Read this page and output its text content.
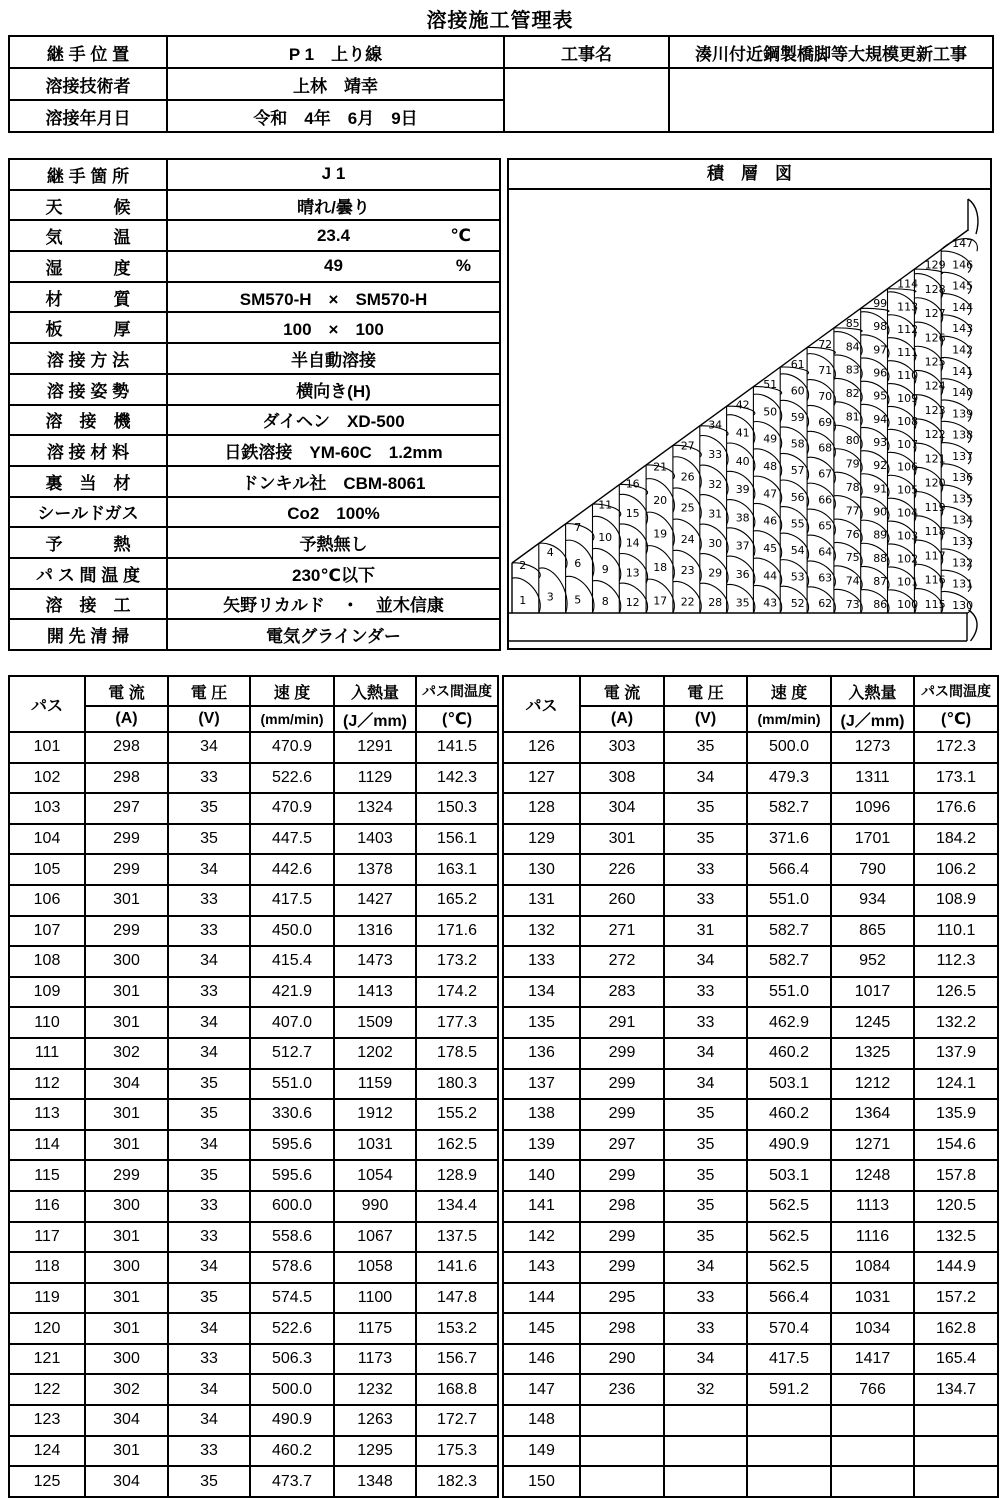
溶接施工管理表
継 手 位 置	P 1　上り線	工事名	湊川付近鋼製橋脚等大規模更新工事
溶接技術者	上林　靖幸		
溶接年月日	令和　4年　6月　9日		
継 手 箇 所	J 1
天　　　候	晴れ/曇り
気　　　温	23.4 ℃

湿　　　度	49 %

材　　　質	SM570-H　×　SM570-H
板　　　厚	100　×　100
溶 接 方 法	半自動溶接
溶 接 姿 勢	横向き(H)
溶　接　機	ダイヘン　XD-500
溶 接 材 料	日鉄溶接　YM-60C　1.2mm
裏　当　材	ドンキル社　CBM-8061
シールドガス	Co2　100%
予　　　熱	予熱無し
パ ス 間 温 度	230℃以下
溶　接　工	矢野リカルド　・　並木信康
開 先 清 掃	電気グラインダー
積　層　図
1
2
3
4
5
6
7
8
9
10
11
12
13
14
15
16
17
18
19
20
21
22
23
24
25
26
27
28
29
30
31
32
33
34
35
36
37
38
39
40
41
42
43
44
45
46
47
48
49
50
51
52
53
54
55
56
57
58
59
60
61
62
63
64
65
66
67
68
69
70
71
72
73
74
75
76
77
78
79
80
81
82
83
84
85
86
87
88
89
90
91
92
93
94
95
96
97
98
99
100
101
102
103
104
105
106
107
108
109
110
111
112
113
114
115
116
117
118
119
120
121
122
123
124
125
126
127
128
129
130
131
132
133
134
135
136
137
138
139
140
141
142
143
144
145
146
147
パス	電 流	電 圧	速 度	入熱量	パス間温度
	(A)	(V)	(mm/min)	(J／mm)	(℃)
101	298	34	470.9	1291	141.5
102	298	33	522.6	1129	142.3
103	297	35	470.9	1324	150.3
104	299	35	447.5	1403	156.1
105	299	34	442.6	1378	163.1
106	301	33	417.5	1427	165.2
107	299	33	450.0	1316	171.6
108	300	34	415.4	1473	173.2
109	301	33	421.9	1413	174.2
110	301	34	407.0	1509	177.3
111	302	34	512.7	1202	178.5
112	304	35	551.0	1159	180.3
113	301	35	330.6	1912	155.2
114	301	34	595.6	1031	162.5
115	299	35	595.6	1054	128.9
116	300	33	600.0	990	134.4
117	301	33	558.6	1067	137.5
118	300	34	578.6	1058	141.6
119	301	35	574.5	1100	147.8
120	301	34	522.6	1175	153.2
121	300	33	506.3	1173	156.7
122	302	34	500.0	1232	168.8
123	304	34	490.9	1263	172.7
124	301	33	460.2	1295	175.3
125	304	35	473.7	1348	182.3
パス	電 流	電 圧	速 度	入熱量	パス間温度
	(A)	(V)	(mm/min)	(J／mm)	(℃)
126	303	35	500.0	1273	172.3
127	308	34	479.3	1311	173.1
128	304	35	582.7	1096	176.6
129	301	35	371.6	1701	184.2
130	226	33	566.4	790	106.2
131	260	33	551.0	934	108.9
132	271	31	582.7	865	110.1
133	272	34	582.7	952	112.3
134	283	33	551.0	1017	126.5
135	291	33	462.9	1245	132.2
136	299	34	460.2	1325	137.9
137	299	34	503.1	1212	124.1
138	299	35	460.2	1364	135.9
139	297	35	490.9	1271	154.6
140	299	35	503.1	1248	157.8
141	298	35	562.5	1113	120.5
142	299	35	562.5	1116	132.5
143	299	34	562.5	1084	144.9
144	295	33	566.4	1031	157.2
145	298	33	570.4	1034	162.8
146	290	34	417.5	1417	165.4
147	236	32	591.2	766	134.7
148					
149					
150					
